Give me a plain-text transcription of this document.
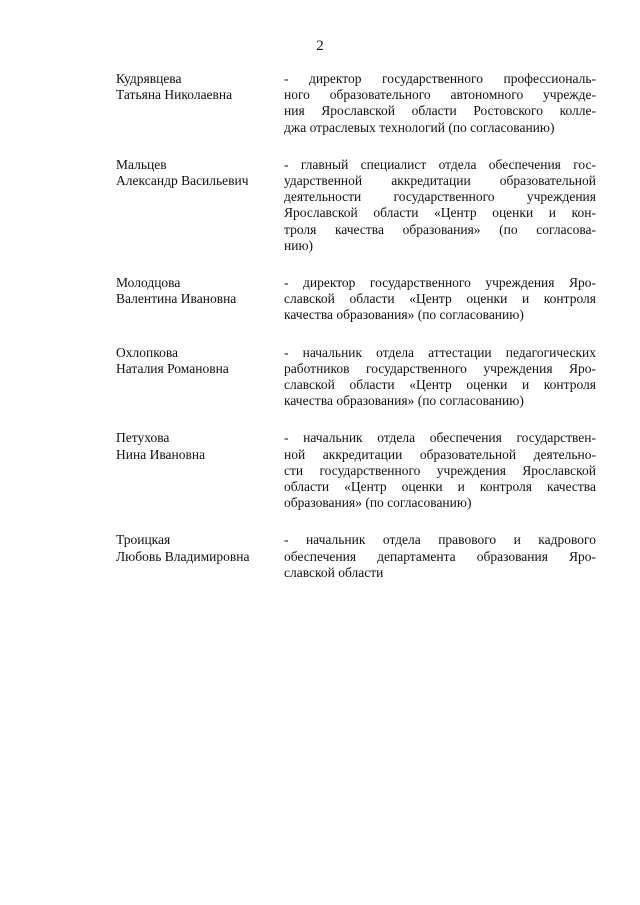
2
Кудрявцева
Татьяна Николаевна
- директор государственного профессиональ-
ного образовательного автономного учрежде-
ния Ярославской области Ростовского колле-
джа отраслевых технологий (по согласованию)
Мальцев
Александр Васильевич
- главный специалист отдела обеспечения гос-
ударственной аккредитации образовательной
деятельности государственного учреждения
Ярославской области «Центр оценки и кон-
троля качества образования» (по согласова-
нию)
Молодцова
Валентина Ивановна
- директор государственного учреждения Яро-
славской области «Центр оценки и контроля
качества образования» (по согласованию)
Охлопкова
Наталия Романовна
- начальник отдела аттестации педагогических
работников государственного учреждения Яро-
славской области «Центр оценки и контроля
качества образования» (по согласованию)
Петухова
Нина Ивановна
- начальник отдела обеспечения государствен-
ной аккредитации образовательной деятельно-
сти государственного учреждения Ярославской
области «Центр оценки и контроля качества
образования» (по согласованию)
Троицкая
Любовь Владимировна
- начальник отдела правового и кадрового
обеспечения департамента образования Яро-
славской области
